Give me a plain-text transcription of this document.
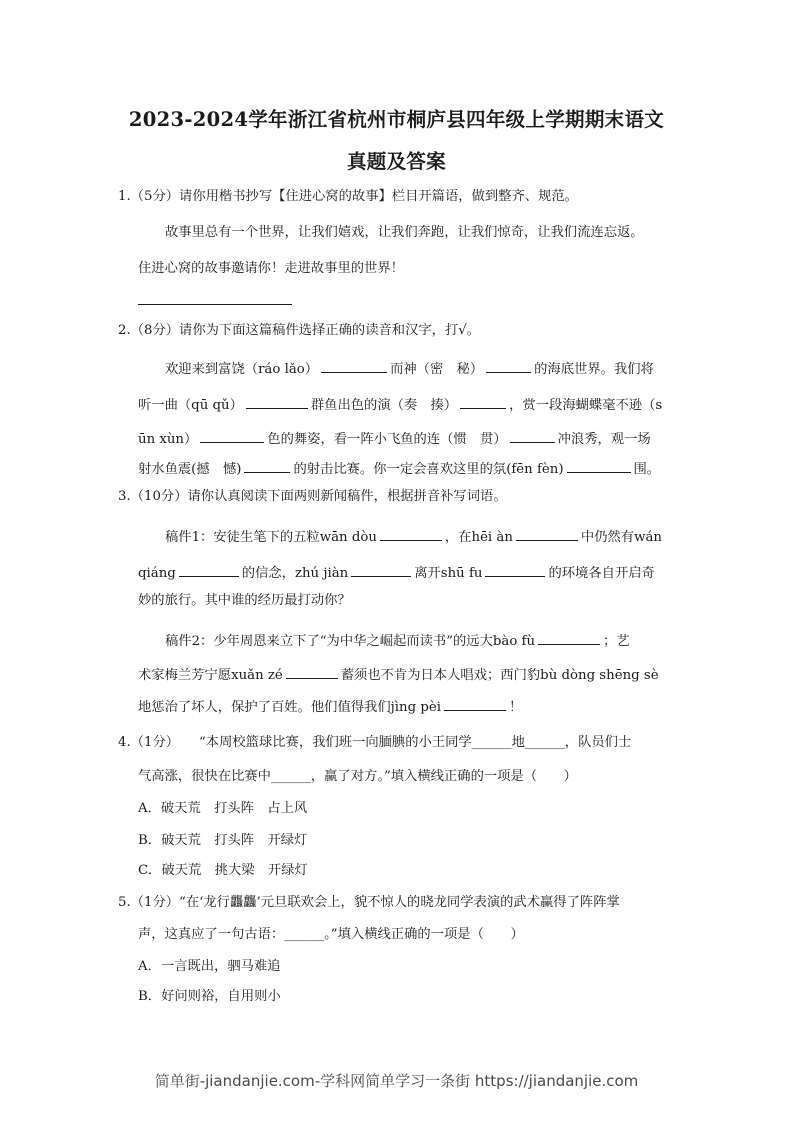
2023-2024学年浙江省杭州市桐庐县四年级上学期期末语文
真题及答案
1.（5分）请你用楷书抄写【住进心窝的故事】栏目开篇语，做到整齐、规范。
故事里总有一个世界，让我们嬉戏，让我们奔跑，让我们惊奇，让我们流连忘返。
住进心窝的故事邀请你！走进故事里的世界！
2.（8分）请你为下面这篇稿件选择正确的读音和汉字，打√。
欢迎来到富饶（ráo lǎo）	而神（密　秘）	的海底世界。我们将
听一曲（qū qǔ）	群鱼出色的演（奏　揍）	，赏一段海蝴蝶毫不逊（s
ūn xùn）	色的舞姿，看一阵小飞鱼的连（惯　贯）	冲浪秀，观一场
射水鱼震(撼　憾)	的射击比赛。你一定会喜欢这里的氛(fēn fèn)	围。
3.（10分）请你认真阅读下面两则新闻稿件，根据拼音补写词语。
稿件1：安徒生笔下的五粒wān dòu	，在hēi àn	中仍然有wán
qiáng	的信念，zhú jiàn	离开shū fu	的环境各自开启奇
妙的旅行。其中谁的经历最打动你？
稿件2：少年周恩来立下了“为中华之崛起而读书”的远大bào fù	；艺
术家梅兰芳宁愿xuǎn zé	蓄须也不肯为日本人唱戏；西门豹bù dòng shēng sè
地惩治了坏人，保护了百姓。他们值得我们jìng pèi	！
4.（1分）　　“本周校篮球比赛，我们班一向腼腆的小王同学______地______，队员们士
气高涨，很快在比赛中______，赢了对方。”填入横线正确的一项是（　　）
A．破天荒　打头阵　占上风
B．破天荒　打头阵　开绿灯
C．破天荒　挑大梁　开绿灯
5.（1分）“在‘龙行龘龘’元旦联欢会上，貌不惊人的晓龙同学表演的武术赢得了阵阵掌
声，这真应了一句古语：______。”填入横线正确的一项是（　　）
A．一言既出，驷马难追
B．好问则裕，自用则小
简单街-jiandanjie.com-学科网简单学习一条街 https://jiandanjie.com
